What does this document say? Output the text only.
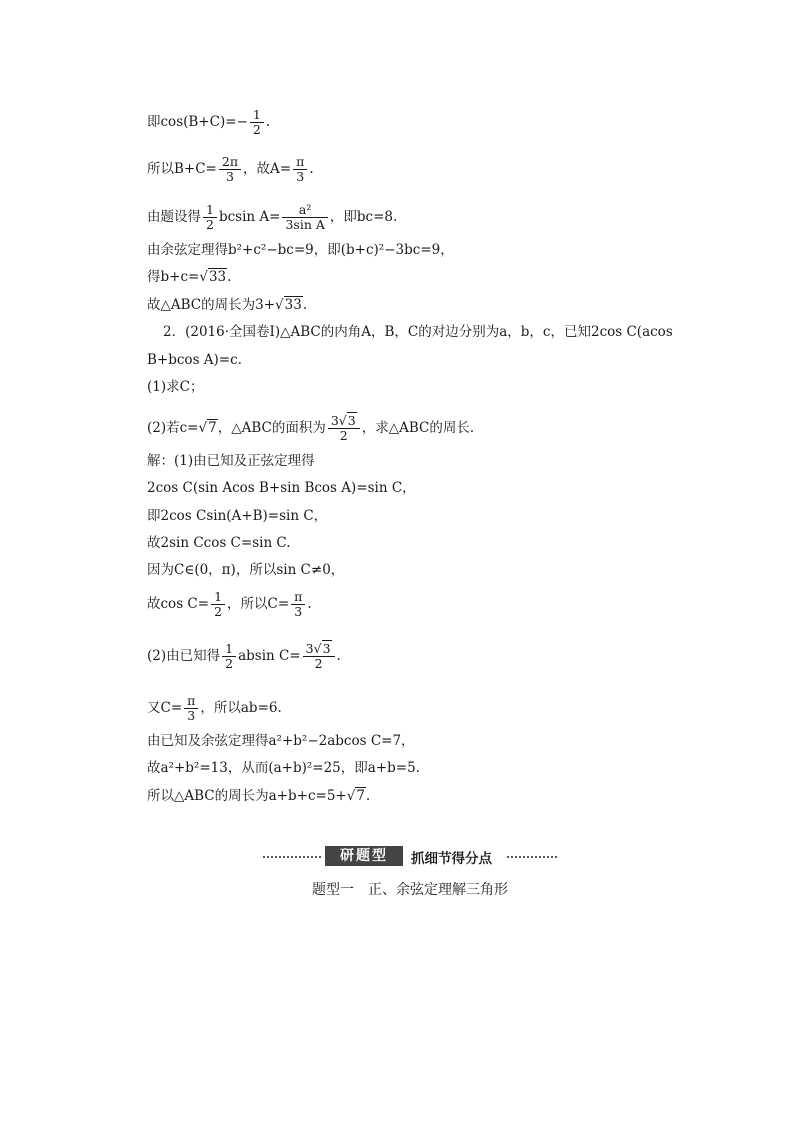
即$\cos(B+C)=- \frac{1}{2}$ .
所以$B+C= \frac{2\pi}{3}$ ，故$A= \frac{\pi}{3}$ .
由题设得 $\frac{1}{2}$ bcsin $A= \frac{\text{a²}}{\text{3sin A}}$ ，即bc=8.
由余弦定理得b²+c²−bc=9，即(b+c)²−3bc=9，
得b+c=√33.
故△ABC的周长为3+√33.
2．(2016·全国卷Ⅰ)△ABC的内角A，B，C的对边分别为a，b，c，已知2cos C(acos
B+bcos A)=c.
(1)求C；
(2)若c=√7，△ABC的面积为 $\frac{3√3}{2}$ ，求△ABC的周长．
解：(1)由已知及正弦定理得
2cos C(sin Acos B+sin Bcos A)=sin C，
即2cos Csin(A+B)=sin C，
故2sin Ccos C=sin C.
因为C∈(0，π)，所以sin C≠0，
故$\cos C= \frac{1}{2}$ ，所以$C= \frac{\pi}{3}$ .
(2)由已知得 $\frac{1}{2}$ absin $C= \frac{3√3}{2}$ .
又$C= \frac{\pi}{3}$ ，所以ab=6.
由已知及余弦定理得a²+b²−2abcos C=7，
故a²+b²=13，从而(a+b)²=25，即a+b=5.
所以△ABC的周长为a+b+c=5+√7.
研题型	抓细节得分点
题型一　正、余弦定理解三角形
